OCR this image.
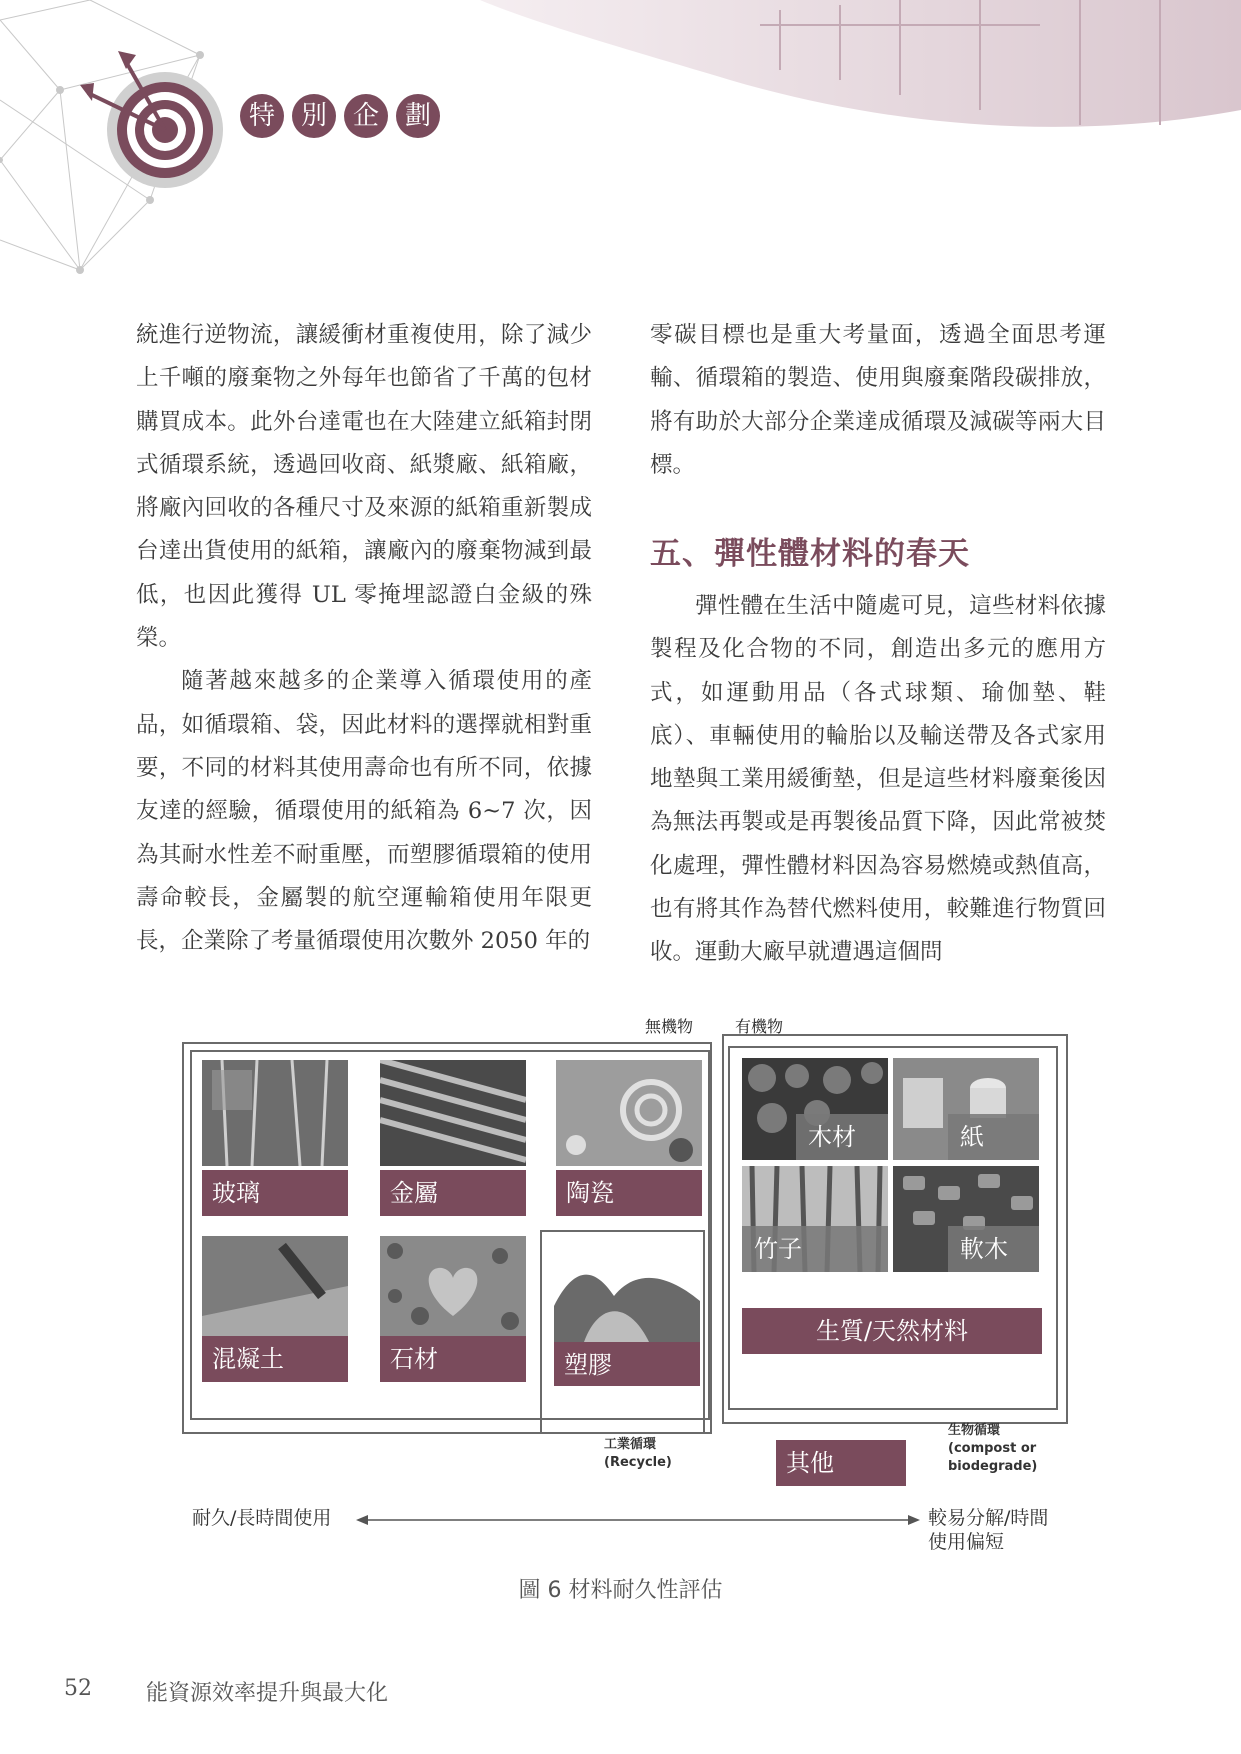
特 別 企 劃

統進行逆物流，讓緩衝材重複使用，除了減少上千噸的廢棄物之外每年也節省了千萬的包材購買成本。此外台達電也在大陸建立紙箱封閉式循環系統，透過回收商、紙漿廠、紙箱廠，將廠內回收的各種尺寸及來源的紙箱重新製成台達出貨使用的紙箱，讓廠內的廢棄物減到最低，也因此獲得 UL 零掩埋認證白金級的殊榮。

隨著越來越多的企業導入循環使用的產品，如循環箱、袋，因此材料的選擇就相對重要，不同的材料其使用壽命也有所不同，依據友達的經驗，循環使用的紙箱為 6~7 次，因為其耐水性差不耐重壓，而塑膠循環箱的使用壽命較長，金屬製的航空運輸箱使用年限更長，企業除了考量循環使用次數外 2050 年的

零碳目標也是重大考量面，透過全面思考運輸、循環箱的製造、使用與廢棄階段碳排放，將有助於大部分企業達成循環及減碳等兩大目標。

五、彈性體材料的春天

彈性體在生活中隨處可見，這些材料依據製程及化合物的不同，創造出多元的應用方式，如運動用品（各式球類、瑜伽墊、鞋底）、車輛使用的輪胎以及輸送帶及各式家用地墊與工業用緩衝墊，但是這些材料廢棄後因為無法再製或是再製後品質下降，因此常被焚化處理，彈性體材料因為容易燃燒或熱值高，也有將其作為替代燃料使用，較難進行物質回收。運動大廠早就遭遇這個問

無機物	有機物
玻璃	金屬	陶瓷
混凝土	石材	塑膠
木材	紙
竹子	軟木
生質/天然材料
工業循環
(Recycle)	其他
生物循環
(compost or
biodegrade)
耐久/長時間使用	較易分解/時間
使用偏短
圖 6 材料耐久性評估
52 能資源效率提升與最大化
